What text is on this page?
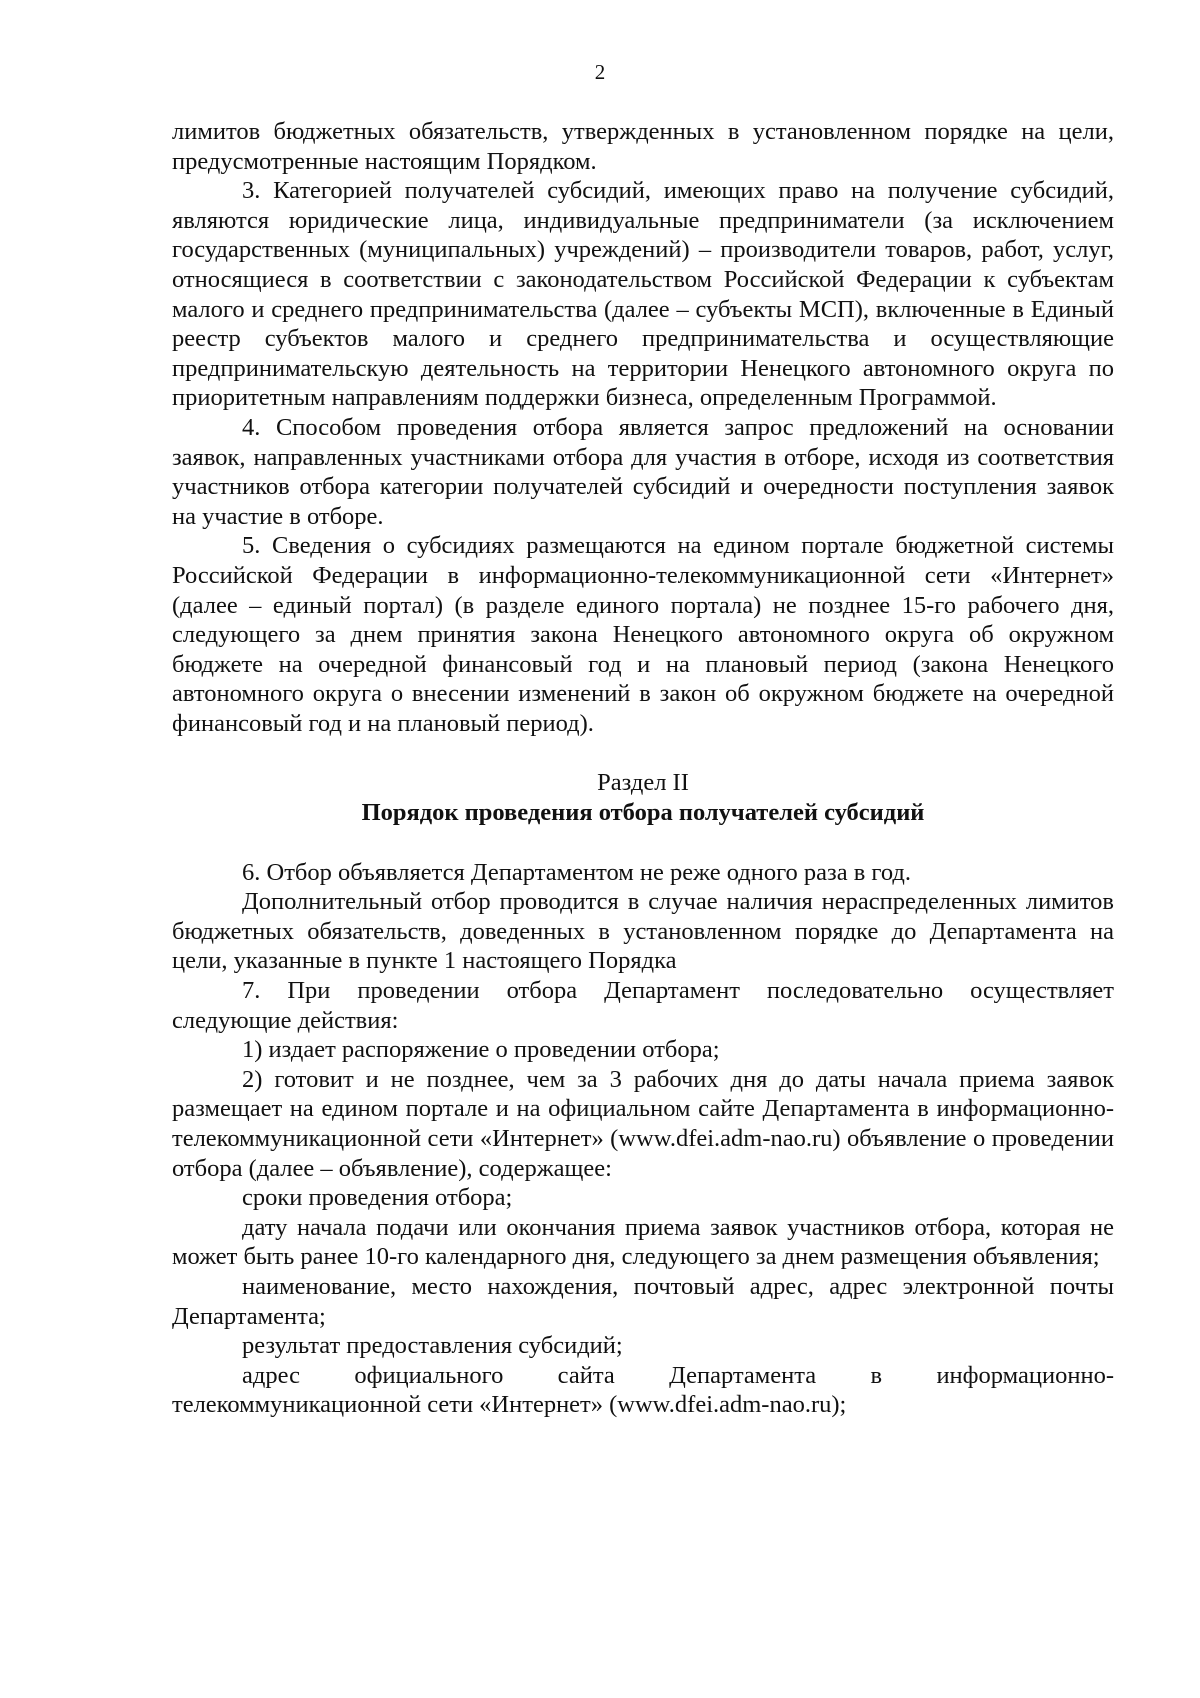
2

лимитов бюджетных обязательств, утвержденных в установленном порядке на цели, предусмотренные настоящим Порядком.

3. Категорией получателей субсидий, имеющих право на получение субсидий, являются юридические лица, индивидуальные предприниматели (за исключением государственных (муниципальных) учреждений) – производители товаров, работ, услуг, относящиеся в соответствии с законодательством Российской Федерации к субъектам малого и среднего предпринимательства (далее – субъекты МСП), включенные в Единый реестр субъектов малого и среднего предпринимательства и осуществляющие предпринимательскую деятельность на территории Ненецкого автономного округа по приоритетным направлениям поддержки бизнеса, определенным Программой.

4. Способом проведения отбора является запрос предложений на основании заявок, направленных участниками отбора для участия в отборе, исходя из соответствия участников отбора категории получателей субсидий и очередности поступления заявок на участие в отборе.

5. Сведения о субсидиях размещаются на едином портале бюджетной системы Российской Федерации в информационно-телекоммуникационной сети «Интернет» (далее – единый портал) (в разделе единого портала) не позднее 15-го рабочего дня, следующего за днем принятия закона Ненецкого автономного округа об окружном бюджете на очередной финансовый год и на плановый период (закона Ненецкого автономного округа о внесении изменений в закон об окружном бюджете на очередной финансовый год и на плановый период).

Раздел II

Порядок проведения отбора получателей субсидий

6. Отбор объявляется Департаментом не реже одного раза в год.

Дополнительный отбор проводится в случае наличия нераспределенных лимитов бюджетных обязательств, доведенных в установленном порядке до Департамента на цели, указанные в пункте 1 настоящего Порядка

7. При проведении отбора Департамент последовательно осуществляет следующие действия:

1) издает распоряжение о проведении отбора;

2) готовит и не позднее, чем за 3 рабочих дня до даты начала приема заявок размещает на едином портале и на официальном сайте Департамента в информационно-телекоммуникационной сети «Интернет» (www.dfei.adm-nao.ru) объявление о проведении отбора (далее – объявление), содержащее:

сроки проведения отбора;

дату начала подачи или окончания приема заявок участников отбора, которая не может быть ранее 10-го календарного дня, следующего за днем размещения объявления;

наименование, место нахождения, почтовый адрес, адрес электронной почты Департамента;

результат предоставления субсидий;

адрес официального сайта Департамента в информационно-телекоммуникационной сети «Интернет» (www.dfei.adm-nao.ru);
